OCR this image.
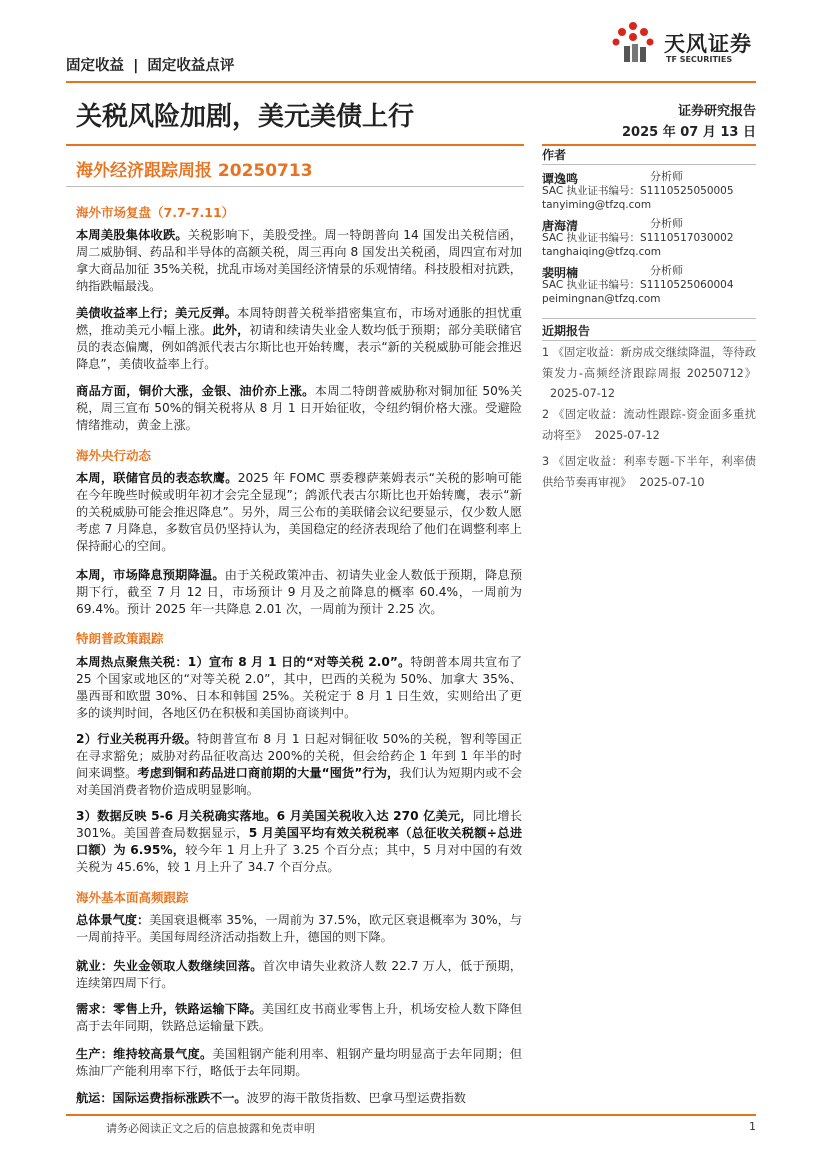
固定收益 | 固定收益点评
天风证券
TF SECURITIES
关税风险加剧，美元美债上行	证券研究报告
2025 年 07 月 13 日
海外经济跟踪周报 20250713
作者
谭逸鸣	分析师
SAC 执业证书编号：S1110525050005
tanyiming@tfzq.com
唐海清	分析师
SAC 执业证书编号：S1110517030002
tanghaiqing@tfzq.com
裴明楠	分析师
SAC 执业证书编号：S1110525060004
peimingnan@tfzq.com
近期报告
1 《固定收益：新房成交继续降温，等待政策发力-高频经济跟踪周报 20250712》2025-07-12
2 《固定收益：流动性跟踪-资金面多重扰动将至》 2025-07-12
3 《固定收益：利率专题-下半年，利率债供给节奏再审视》 2025-07-10
海外市场复盘（7.7-7.11）
本周美股集体收跌。关税影响下，美股受挫。周一特朗普向 14 国发出关税信函，周二威胁铜、药品和半导体的高额关税，周三再向 8 国发出关税函，周四宣布对加拿大商品加征 35%关税，扰乱市场对美国经济情景的乐观情绪。科技股相对抗跌，纳指跌幅最浅。
美债收益率上行；美元反弹。本周特朗普关税举措密集宣布，市场对通胀的担忧重燃，推动美元小幅上涨。此外，初请和续请失业金人数均低于预期；部分美联储官员的表态偏鹰，例如鸽派代表古尔斯比也开始转鹰，表示“新的关税威胁可能会推迟降息”，美债收益率上行。
商品方面，铜价大涨，金银、油价亦上涨。本周二特朗普威胁称对铜加征 50%关税，周三宣布 50%的铜关税将从 8 月 1 日开始征收，令纽约铜价格大涨。受避险情绪推动，黄金上涨。
海外央行动态
本周，联储官员的表态软鹰。2025 年 FOMC 票委穆萨莱姆表示“关税的影响可能在今年晚些时候或明年初才会完全显现”；鸽派代表古尔斯比也开始转鹰，表示“新的关税威胁可能会推迟降息”。另外，周三公布的美联储会议纪要显示，仅少数人愿考虑 7 月降息，多数官员仍坚持认为，美国稳定的经济表现给了他们在调整利率上保持耐心的空间。
本周，市场降息预期降温。由于关税政策冲击、初请失业金人数低于预期，降息预期下行，截至 7 月 12 日，市场预计 9 月及之前降息的概率 60.4%，一周前为 69.4%。预计 2025 年一共降息 2.01 次，一周前为预计 2.25 次。
特朗普政策跟踪
本周热点聚焦关税：1）宣布 8 月 1 日的“对等关税 2.0”。特朗普本周共宣布了 25 个国家或地区的“对等关税 2.0”，其中，巴西的关税为 50%、加拿大 35%、墨西哥和欧盟 30%、日本和韩国 25%。关税定于 8 月 1 日生效，实则给出了更多的谈判时间，各地区仍在积极和美国协商谈判中。
2）行业关税再升级。特朗普宣布 8 月 1 日起对铜征收 50%的关税，智利等国正在寻求豁免；威胁对药品征收高达 200%的关税，但会给药企 1 年到 1 年半的时间来调整。考虑到铜和药品进口商前期的大量“囤货”行为，我们认为短期内或不会对美国消费者物价造成明显影响。
3）数据反映 5-6 月关税确实落地。6 月美国关税收入达 270 亿美元，同比增长 301%。美国普查局数据显示，5 月美国平均有效关税税率（总征收关税额÷总进口额）为 6.95%，较今年 1 月上升了 3.25 个百分点；其中，5 月对中国的有效关税为 45.6%，较 1 月上升了 34.7 个百分点。
海外基本面高频跟踪
总体景气度：美国衰退概率 35%，一周前为 37.5%，欧元区衰退概率为 30%，与一周前持平。美国每周经济活动指数上升，德国的则下降。
就业：失业金领取人数继续回落。首次申请失业救济人数 22.7 万人，低于预期，连续第四周下行。
需求：零售上升，铁路运输下降。美国红皮书商业零售上升，机场安检人数下降但高于去年同期，铁路总运输量下跌。
生产：维持较高景气度。美国粗钢产能利用率、粗钢产量均明显高于去年同期；但炼油厂产能利用率下行，略低于去年同期。
航运：国际运费指标涨跌不一。波罗的海干散货指数、巴拿马型运费指数
请务必阅读正文之后的信息披露和免责申明	1
